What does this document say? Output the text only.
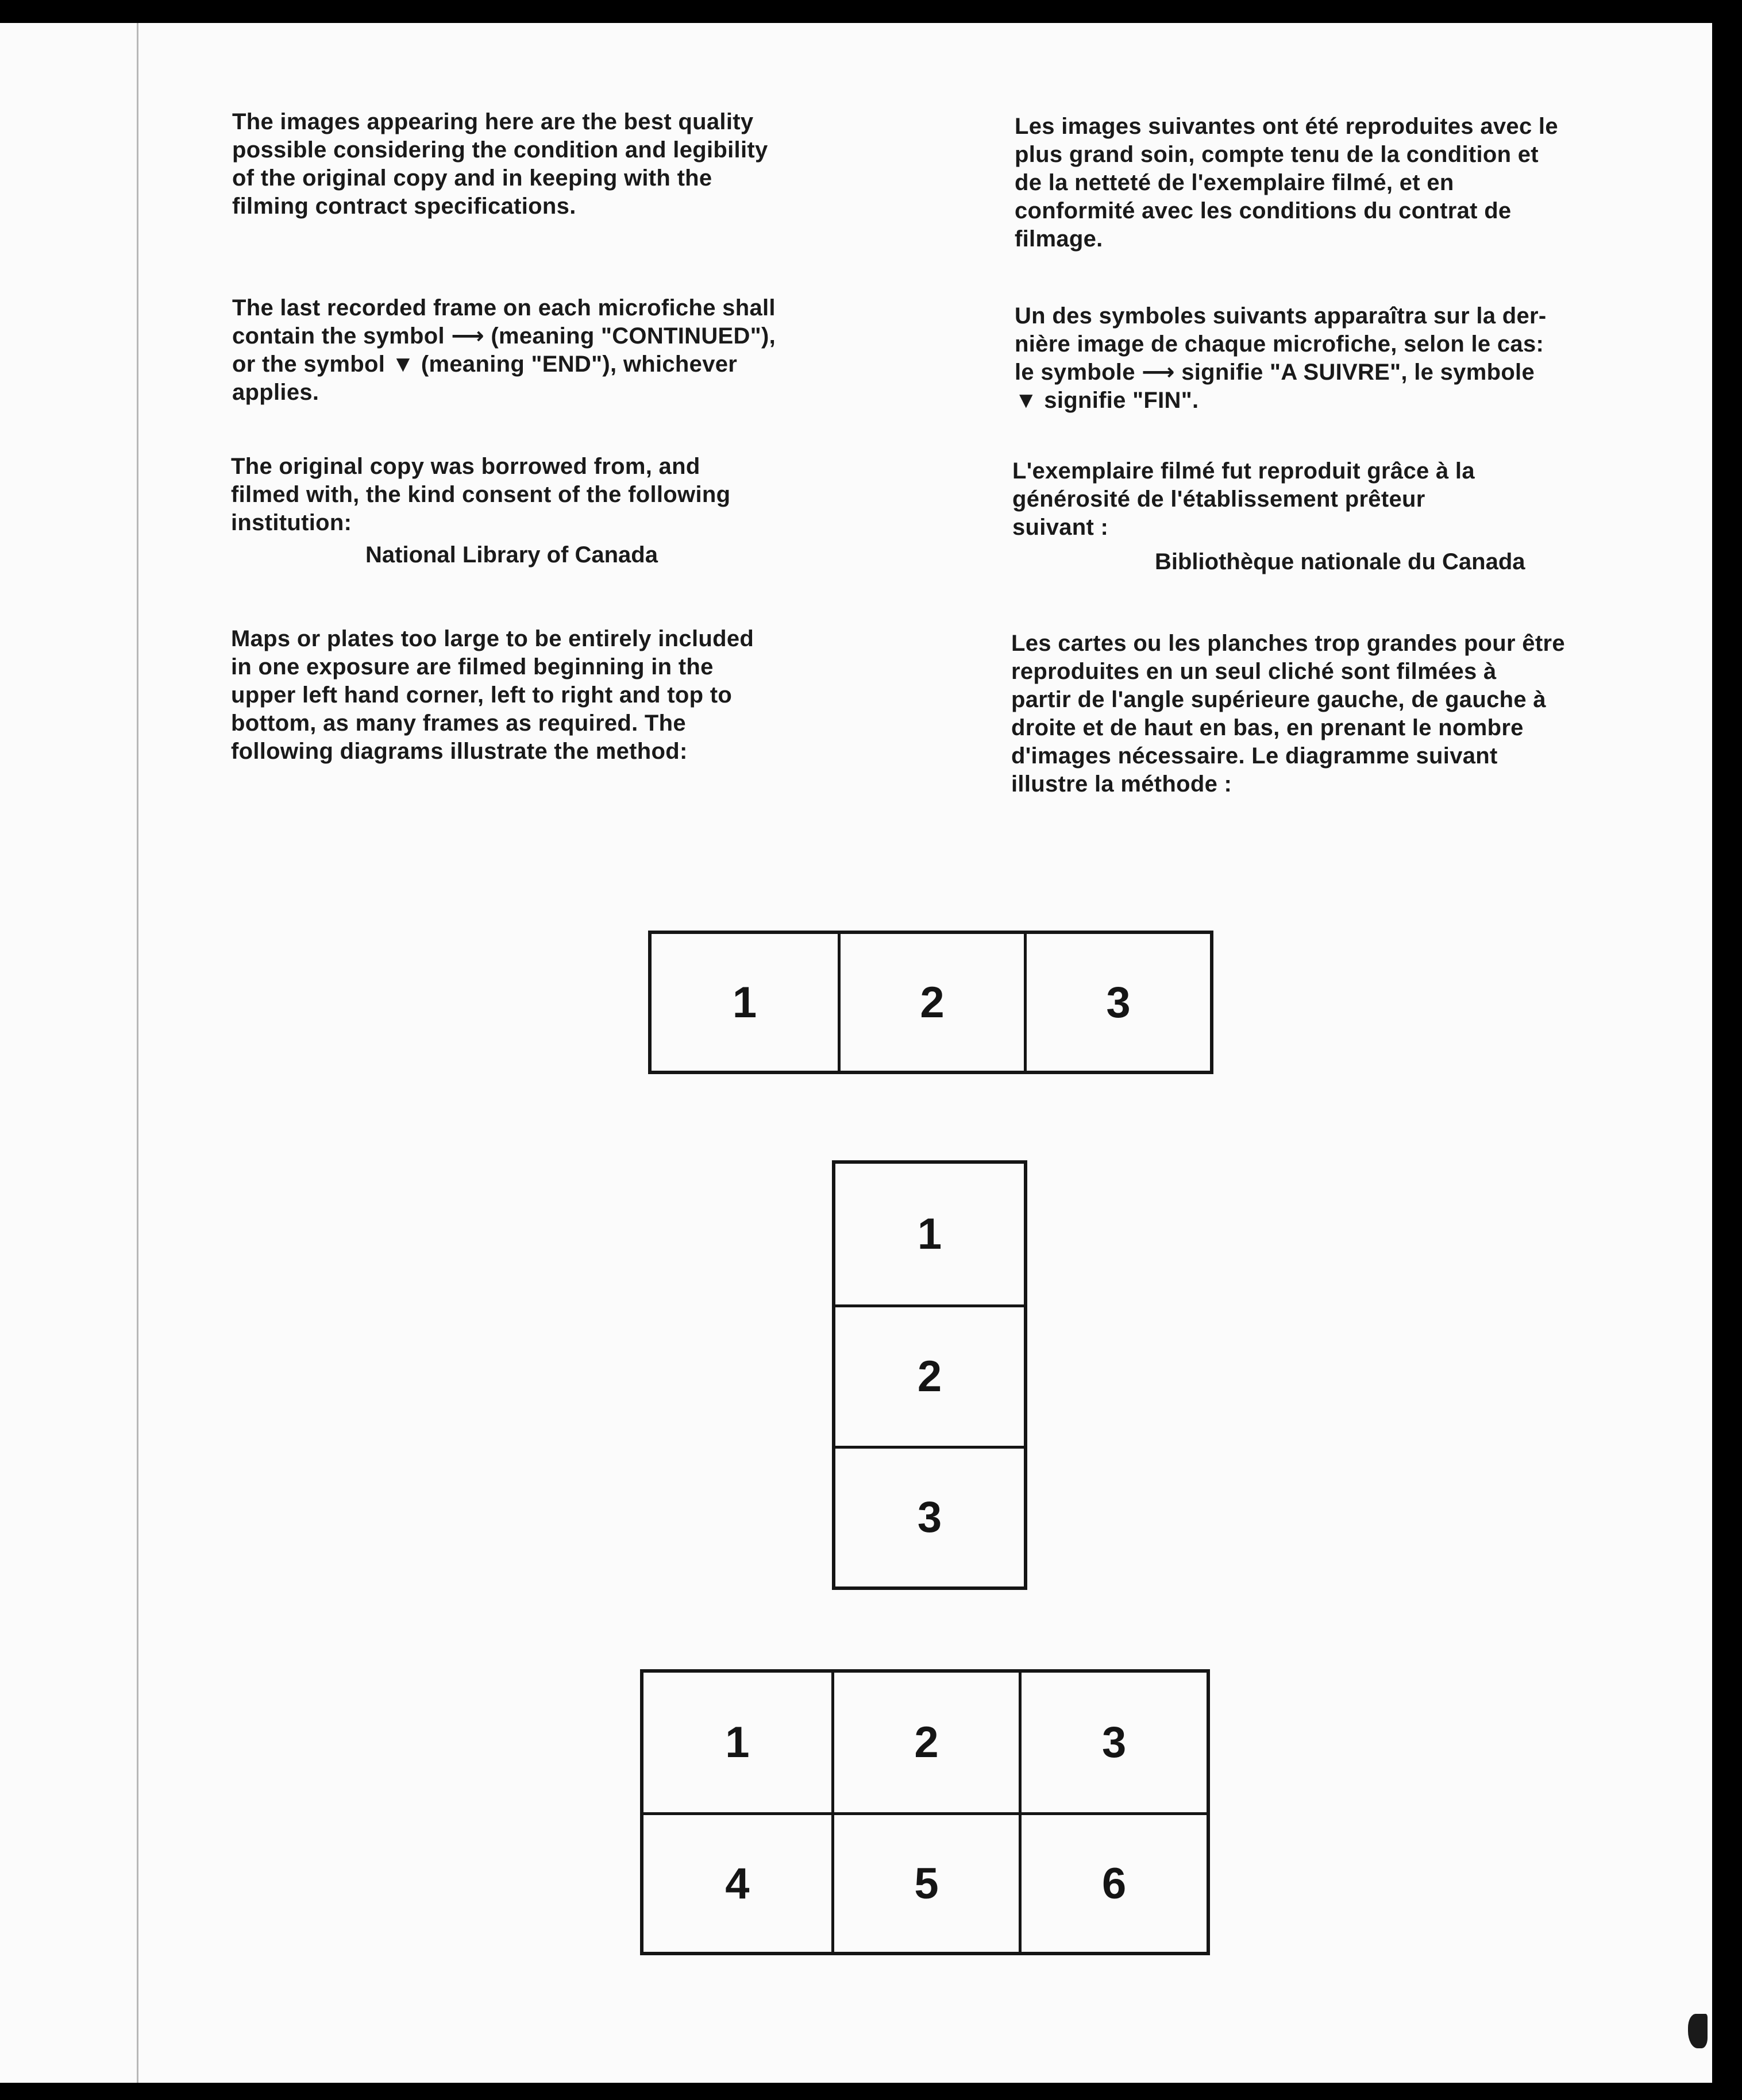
The images appearing here are the best quality
possible considering the condition and legibility
of the original copy and in keeping with the
filming contract specifications.

Les images suivantes ont été reproduites avec le
plus grand soin, compte tenu de la condition et
de la netteté de l'exemplaire filmé, et en
conformité avec les conditions du contrat de
filmage.

The last recorded frame on each microfiche shall
contain the symbol ⟶ (meaning "CONTINUED"),
or the symbol ▼ (meaning "END"), whichever
applies.

Un des symboles suivants apparaîtra sur la der-
nière image de chaque microfiche, selon le cas:
le symbole ⟶ signifie "A SUIVRE", le symbole
▼ signifie "FIN".

The original copy was borrowed from, and
filmed with, the kind consent of the following
institution:

National Library of Canada

L'exemplaire filmé fut reproduit grâce à la
générosité de l'établissement prêteur
suivant :

Bibliothèque nationale du Canada

Maps or plates too large to be entirely included
in one exposure are filmed beginning in the
upper left hand corner, left to right and top to
bottom, as many frames as required. The
following diagrams illustrate the method:

Les cartes ou les planches trop grandes pour être
reproduites en un seul cliché sont filmées à
partir de l'angle supérieure gauche, de gauche à
droite et de haut en bas, en prenant le nombre
d'images nécessaire. Le diagramme suivant
illustre la méthode :

1	2	3
1
2
3
1	2	3
4	5	6
